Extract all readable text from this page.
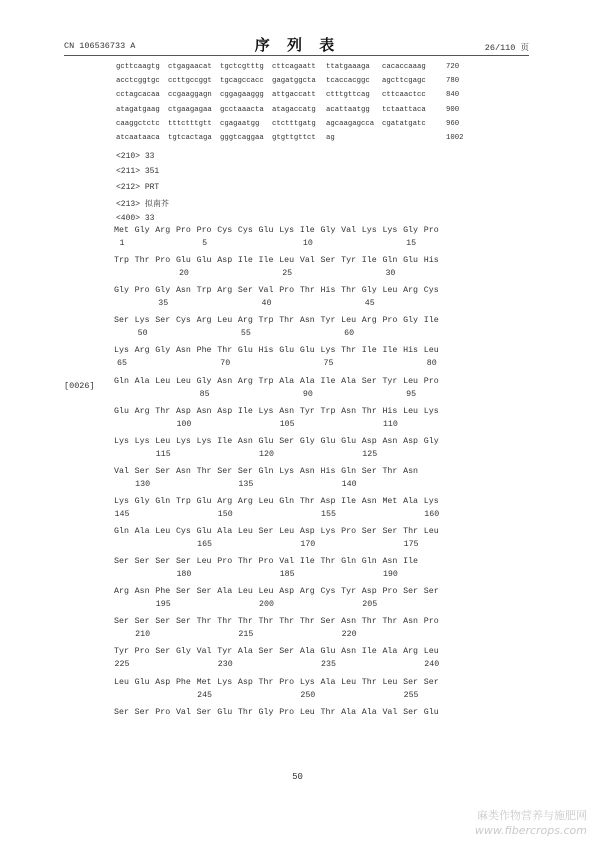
CN 106536733 A	序 列 表	26/110 页
[0026]
gcttcaagtg ctgagaacat tgctcgtttg cttcagaatt ttatgaaaga cacaccaaag	720
acctcggtgc ccttgccggt tgcagccacc gagatggcta tcaccacggc agcttcgagc	780
cctagcacaa ccgaaggagn cggagaaggg attgaccatt ctttgttcag cttcaactcc	840
atagatgaag ctgaagagaa gcctaaacta atagaccatg acattaatgg tctaattaca	900
caaggctctc tttctttgtt cgagaatgg ctctttgatg agcaagagcca cgatatgatc	960
atcaataaca tgtcactaga gggtcaggaa gtgttgttct ag	1002
<210> 33
<211> 351
<212> PRT
<213> 拟南芥
<400> 33
Met Gly Arg Pro Pro Cys Cys Glu Lys Ile Gly Val Lys Lys Gly Pro
1	5	10	15
Trp Thr Pro Glu Glu Asp Ile Ile Leu Val Ser Tyr Ile Gln Glu His
20	25	30
Gly Pro Gly Asn Trp Arg Ser Val Pro Thr His Thr Gly Leu Arg Cys
35	40	45
Ser Lys Ser Cys Arg Leu Arg Trp Thr Asn Tyr Leu Arg Pro Gly Ile
50	55	60
Lys Arg Gly Asn Phe Thr Glu His Glu Glu Lys Thr Ile Ile His Leu
65	70	75	80
Gln Ala Leu Leu Gly Asn Arg Trp Ala Ala Ile Ala Ser Tyr Leu Pro
85	90	95
Glu Arg Thr Asp Asn Asp Ile Lys Asn Tyr Trp Asn Thr His Leu Lys
100	105	110
Lys Lys Leu Lys Lys Ile Asn Glu Ser Gly Glu Glu Asp Asn Asp Gly
115	120	125
Val Ser Ser Asn Thr Ser Ser Gln Lys Asn His Gln Ser Thr Asn
130	135	140
Lys Gly Gln Trp Glu Arg Arg Leu Gln Thr Asp Ile Asn Met Ala Lys
145	150	155	160
Gln Ala Leu Cys Glu Ala Leu Ser Leu Asp Lys Pro Ser Ser Thr Leu
165	170	175
Ser Ser Ser Ser Leu Pro Thr Pro Val Ile Thr Gln Gln Asn Ile
180	185	190
Arg Asn Phe Ser Ser Ala Leu Leu Asp Arg Cys Tyr Asp Pro Ser Ser
195	200	205
Ser Ser Ser Ser Thr Thr Thr Thr Thr Thr Ser Asn Thr Thr Asn Pro
210	215	220
Tyr Pro Ser Gly Val Tyr Ala Ser Ser Ala Glu Asn Ile Ala Arg Leu
225	230	235	240
Leu Glu Asp Phe Met Lys Asp Thr Pro Lys Ala Leu Thr Leu Ser Ser
245	250	255
Ser Ser Pro Val Ser Glu Thr Gly Pro Leu Thr Ala Ala Val Ser Glu
50
麻类作物营养与施肥网
www.fibercrops.com
